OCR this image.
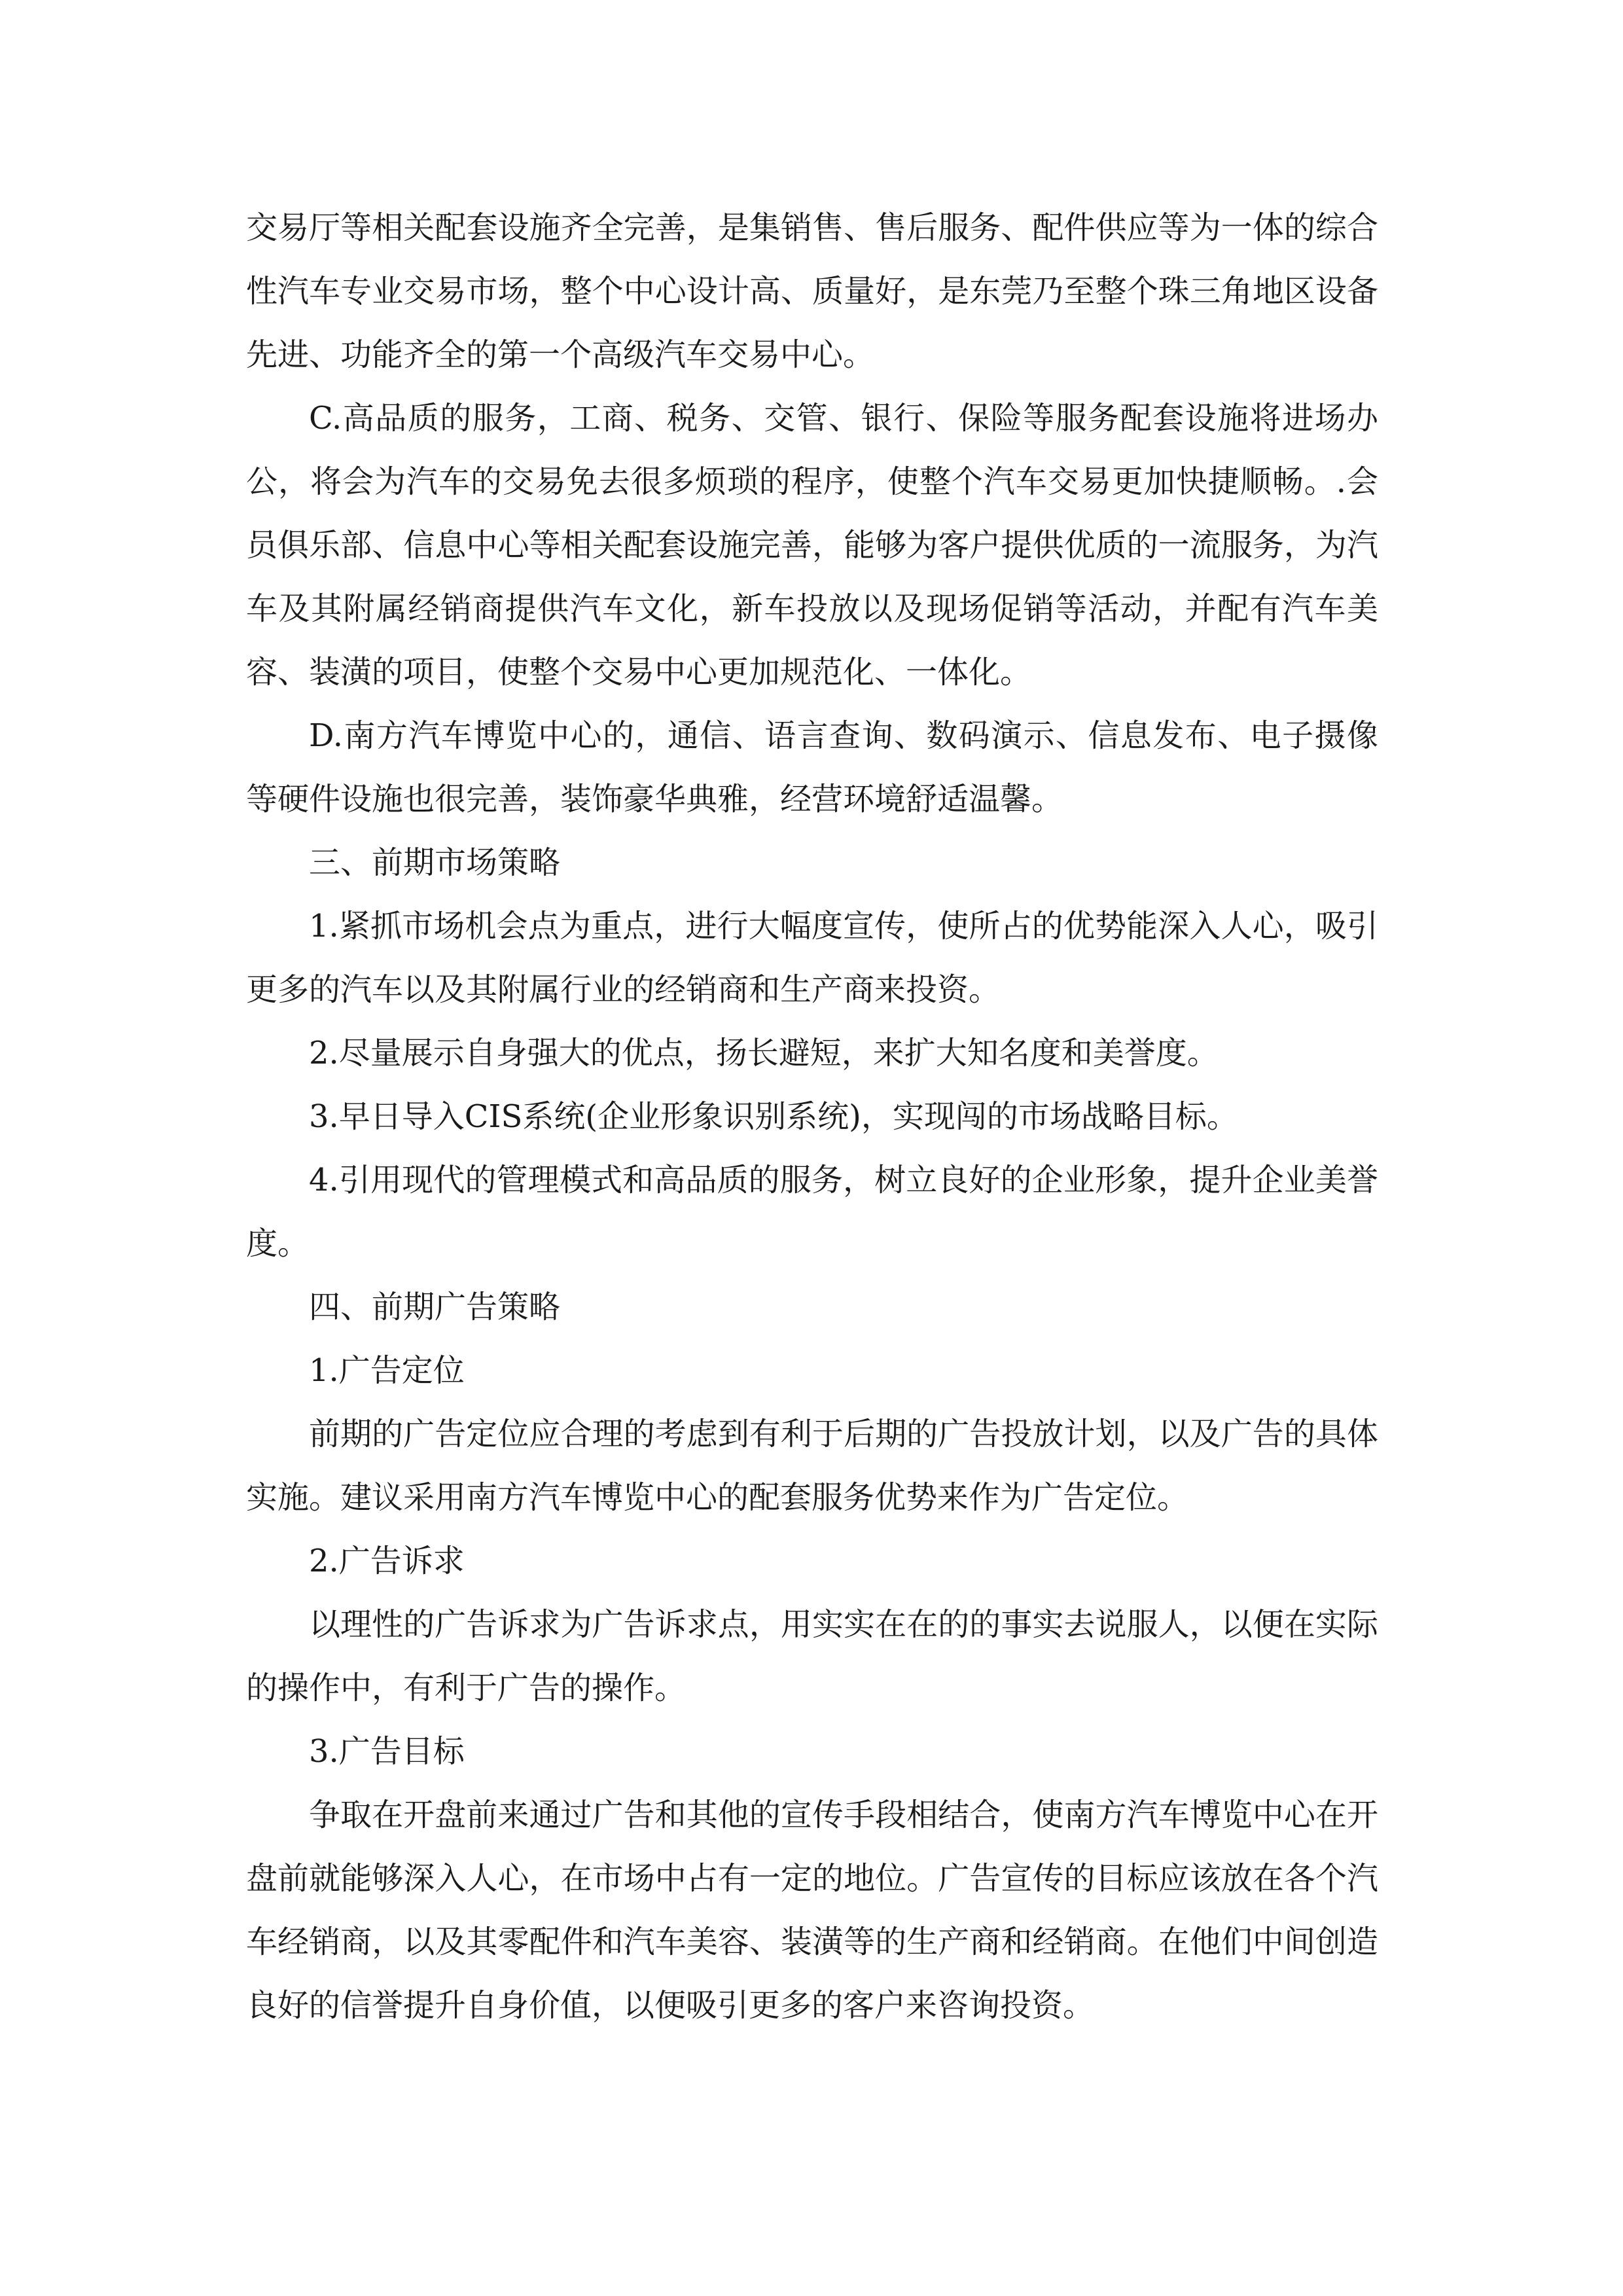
交易厅等相关配套设施齐全完善，是集销售、售后服务、配件供应等为一体的综合性汽车专业交易市场，整个中心设计高、质量好，是东莞乃至整个珠三角地区设备先进、功能齐全的第一个高级汽车交易中心。

C.高品质的服务，工商、税务、交管、银行、保险等服务配套设施将进场办公，将会为汽车的交易免去很多烦琐的程序，使整个汽车交易更加快捷顺畅。.会员俱乐部、信息中心等相关配套设施完善，能够为客户提供优质的一流服务，为汽车及其附属经销商提供汽车文化，新车投放以及现场促销等活动，并配有汽车美容、装潢的项目，使整个交易中心更加规范化、一体化。

D.南方汽车博览中心的，通信、语言查询、数码演示、信息发布、电子摄像等硬件设施也很完善，装饰豪华典雅，经营环境舒适温馨。

三、前期市场策略

1.紧抓市场机会点为重点，进行大幅度宣传，使所占的优势能深入人心，吸引更多的汽车以及其附属行业的经销商和生产商来投资。

2.尽量展示自身强大的优点，扬长避短，来扩大知名度和美誉度。

3.早日导入CIS系统(企业形象识别系统)，实现闯的市场战略目标。

4.引用现代的管理模式和高品质的服务，树立良好的企业形象，提升企业美誉度。

四、前期广告策略

1.广告定位

前期的广告定位应合理的考虑到有利于后期的广告投放计划，以及广告的具体实施。建议采用南方汽车博览中心的配套服务优势来作为广告定位。

2.广告诉求

以理性的广告诉求为广告诉求点，用实实在在的的事实去说服人，以便在实际的操作中，有利于广告的操作。

3.广告目标

争取在开盘前来通过广告和其他的宣传手段相结合，使南方汽车博览中心在开盘前就能够深入人心，在市场中占有一定的地位。广告宣传的目标应该放在各个汽车经销商，以及其零配件和汽车美容、装潢等的生产商和经销商。在他们中间创造良好的信誉提升自身价值，以便吸引更多的客户来咨询投资。
